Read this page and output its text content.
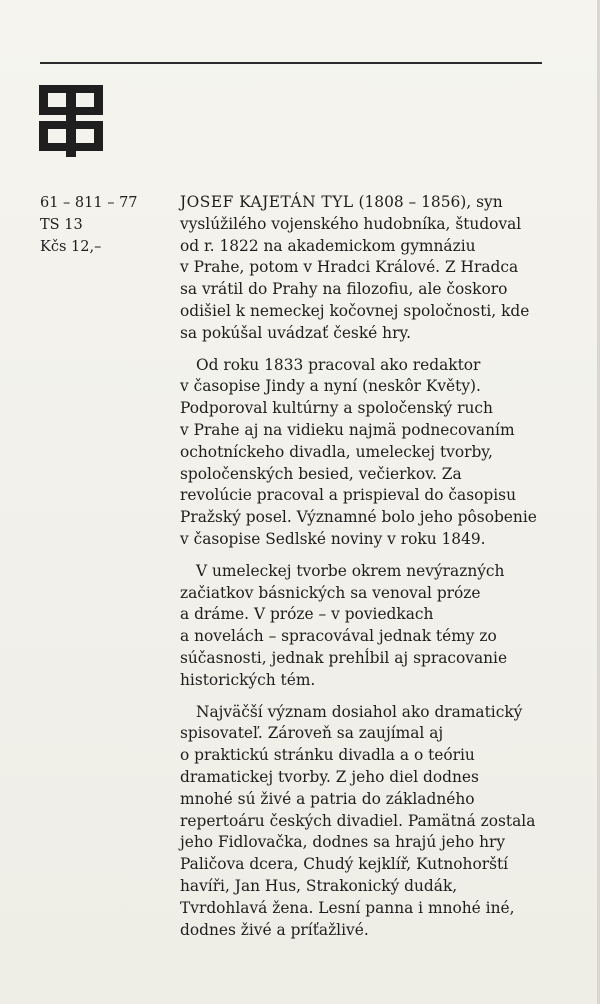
61 – 811 – 77
TS 13
Kčs 12,–
JOSEF KAJETÁN TYL (1808 – 1856), syn
vyslúžilého vojenského hudobníka, študoval
od r. 1822 na akademickom gymnáziu
v Prahe, potom v Hradci Králové. Z Hradca
sa vrátil do Prahy na filozofiu, ale čoskoro
odišiel k nemeckej kočovnej spoločnosti, kde
sa pokúšal uvádzať české hry.
Od roku 1833 pracoval ako redaktor
v časopise Jindy a nyní (neskôr Květy).
Podporoval kultúrny a spoločenský ruch
v Prahe aj na vidieku najmä podnecovaním
ochotníckeho divadla, umeleckej tvorby,
spoločenských besied, večierkov. Za
revolúcie pracoval a prispieval do časopisu
Pražský posel. Významné bolo jeho pôsobenie
v časopise Sedlské noviny v roku 1849.
V umeleckej tvorbe okrem nevýrazných
začiatkov básnických sa venoval próze
a dráme. V próze – v poviedkach
a novelách – spracovával jednak témy zo
súčasnosti, jednak prehĺbil aj spracovanie
historických tém.
Najväčší význam dosiahol ako dramatický
spisovateľ. Zároveň sa zaujímal aj
o praktickú stránku divadla a o teóriu
dramatickej tvorby. Z jeho diel dodnes
mnohé sú živé a patria do základného
repertoáru českých divadiel. Pamätná zostala
jeho Fidlovačka, dodnes sa hrajú jeho hry
Paličova dcera, Chudý kejklíř, Kutnohorští
havíři, Jan Hus, Strakonický dudák,
Tvrdohlavá žena. Lesní panna i mnohé iné,
dodnes živé a príťažlivé.
